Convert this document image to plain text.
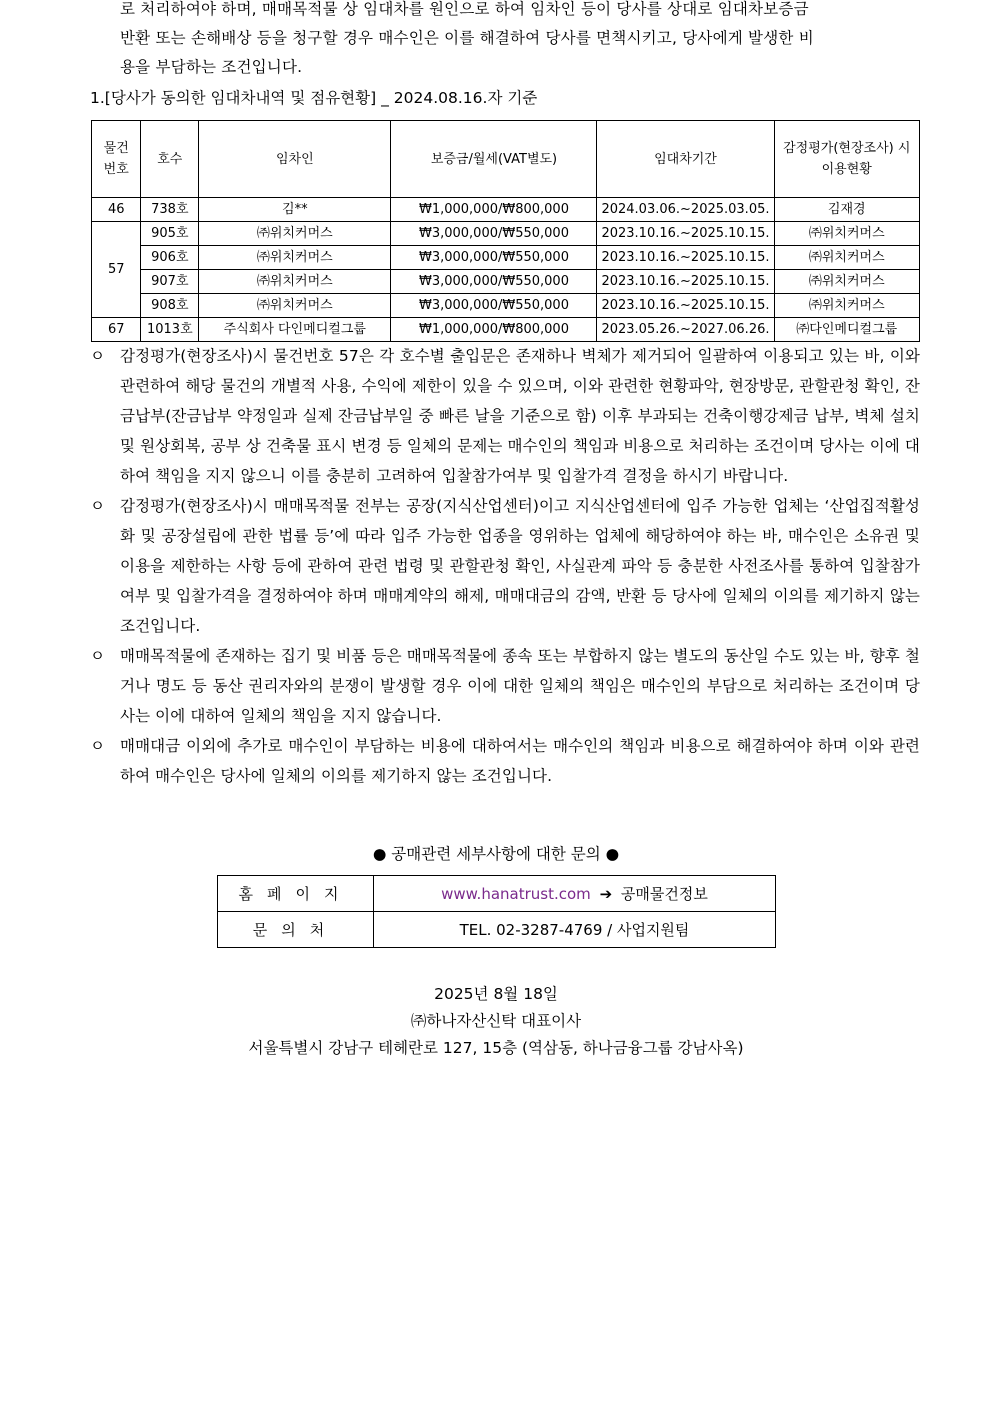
로 처리하여야 하며, 매매목적물 상 임대차를 원인으로 하여 임차인 등이 당사를 상대로 임대차보증금
반환 또는 손해배상 등을 청구할 경우 매수인은 이를 해결하여 당사를 면책시키고, 당사에게 발생한 비
용을 부담하는 조건입니다.
1.[당사가 동의한 임대차내역 및 점유현황] _ 2024.08.16.자 기준
물건 번호	호수	임차인	보증금/월세(VAT별도)	임대차기간	감정평가(현장조사) 시 이용현황
46	738호	김**	₩1,000,000/₩800,000	2024.03.06.~2025.03.05.	김재경
57	905호	㈜위치커머스	₩3,000,000/₩550,000	2023.10.16.~2025.10.15.	㈜위치커머스
	906호	㈜위치커머스	₩3,000,000/₩550,000	2023.10.16.~2025.10.15.	㈜위치커머스
	907호	㈜위치커머스	₩3,000,000/₩550,000	2023.10.16.~2025.10.15.	㈜위치커머스
	908호	㈜위치커머스	₩3,000,000/₩550,000	2023.10.16.~2025.10.15.	㈜위치커머스
67	1013호	주식회사 다인메디컬그룹	₩1,000,000/₩800,000	2023.05.26.~2027.06.26.	㈜다인메디컬그룹
ㅇ 감정평가(현장조사)시 물건번호 57은 각 호수별 출입문은 존재하나 벽체가 제거되어 일괄하여 이용되고 있는 바, 이와 관련하여 해당 물건의 개별적 사용, 수익에 제한이 있을 수 있으며, 이와 관련한 현황파악, 현장방문, 관할관청 확인, 잔금납부(잔금납부 약정일과 실제 잔금납부일 중 빠른 날을 기준으로 함) 이후 부과되는 건축이행강제금 납부, 벽체 설치 및 원상회복, 공부 상 건축물 표시 변경 등 일체의 문제는 매수인의 책임과 비용으로 처리하는 조건이며 당사는 이에 대하여 책임을 지지 않으니 이를 충분히 고려하여 입찰참가여부 및 입찰가격 결정을 하시기 바랍니다.
ㅇ 감정평가(현장조사)시 매매목적물 전부는 공장(지식산업센터)이고 지식산업센터에 입주 가능한 업체는 ‘산업집적활성화 및 공장설립에 관한 법률 등’에 따라 입주 가능한 업종을 영위하는 업체에 해당하여야 하는 바, 매수인은 소유권 및 이용을 제한하는 사항 등에 관하여 관련 법령 및 관할관청 확인, 사실관계 파악 등 충분한 사전조사를 통하여 입찰참가여부 및 입찰가격을 결정하여야 하며 매매계약의 해제, 매매대금의 감액, 반환 등 당사에 일체의 이의를 제기하지 않는 조건입니다.
ㅇ 매매목적물에 존재하는 집기 및 비품 등은 매매목적물에 종속 또는 부합하지 않는 별도의 동산일 수도 있는 바, 향후 철거나 명도 등 동산 권리자와의 분쟁이 발생할 경우 이에 대한 일체의 책임은 매수인의 부담으로 처리하는 조건이며 당사는 이에 대하여 일체의 책임을 지지 않습니다.
ㅇ 매매대금 이외에 추가로 매수인이 부담하는 비용에 대하여서는 매수인의 책임과 비용으로 해결하여야 하며 이와 관련하여 매수인은 당사에 일체의 이의를 제기하지 않는 조건입니다.
● 공매관련 세부사항에 대한 문의 ●
홈페이지	www.hanatrust.com ➔ 공매물건정보
문의처	TEL. 02-3287-4769 / 사업지원팀
2025년 8월 18일
㈜하나자산신탁 대표이사
서울특별시 강남구 테헤란로 127, 15층 (역삼동, 하나금융그룹 강남사옥)
